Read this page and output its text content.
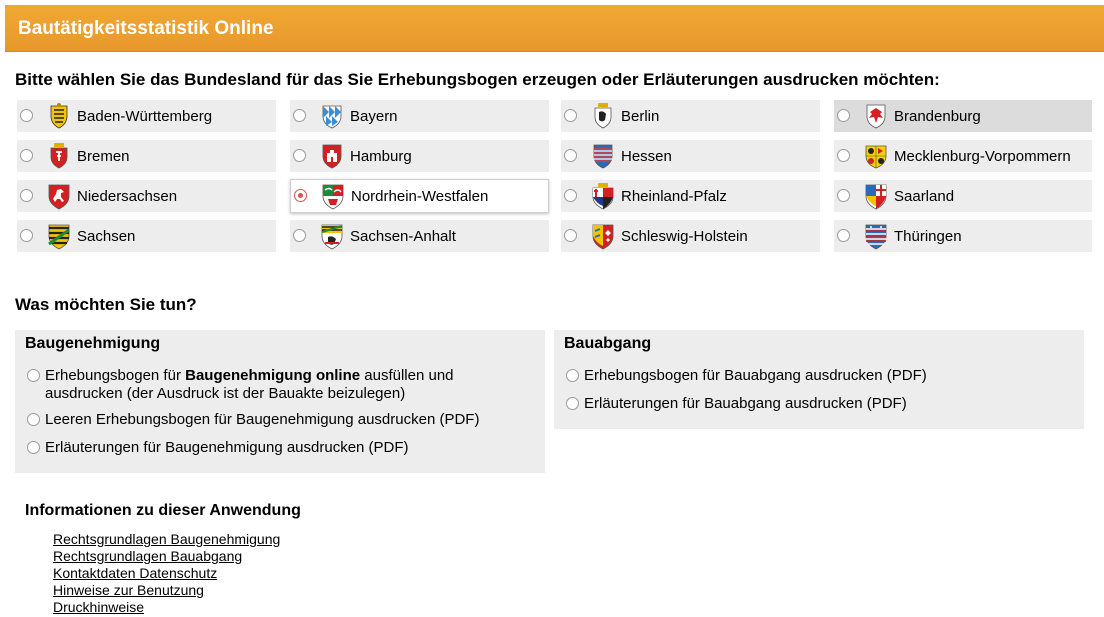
Bautätigkeitsstatistik Online
Bitte wählen Sie das Bundesland für das Sie Erhebungsbogen erzeugen oder Erläuterungen ausdrucken möchten:
Baden-Württemberg	Bayern	Berlin	Brandenburg
Bremen	Hamburg	Hessen	Mecklenburg-Vorpommern
Niedersachsen	Nordrhein-Westfalen	Rheinland-Pfalz	Saarland
Sachsen	Sachsen-Anhalt	Schleswig-Holstein	Thüringen
Was möchten Sie tun?
Baugenehmigung
Erhebungsbogen für Baugenehmigung online ausfüllen und ausdrucken (der Ausdruck ist der Bauakte beizulegen)
Leeren Erhebungsbogen für Baugenehmigung ausdrucken (PDF)
Erläuterungen für Baugenehmigung ausdrucken (PDF)
Bauabgang
Erhebungsbogen für Bauabgang ausdrucken (PDF)
Erläuterungen für Bauabgang ausdrucken (PDF)
Informationen zu dieser Anwendung
Rechtsgrundlagen Baugenehmigung
Rechtsgrundlagen Bauabgang
Kontaktdaten Datenschutz
Hinweise zur Benutzung
Druckhinweise
